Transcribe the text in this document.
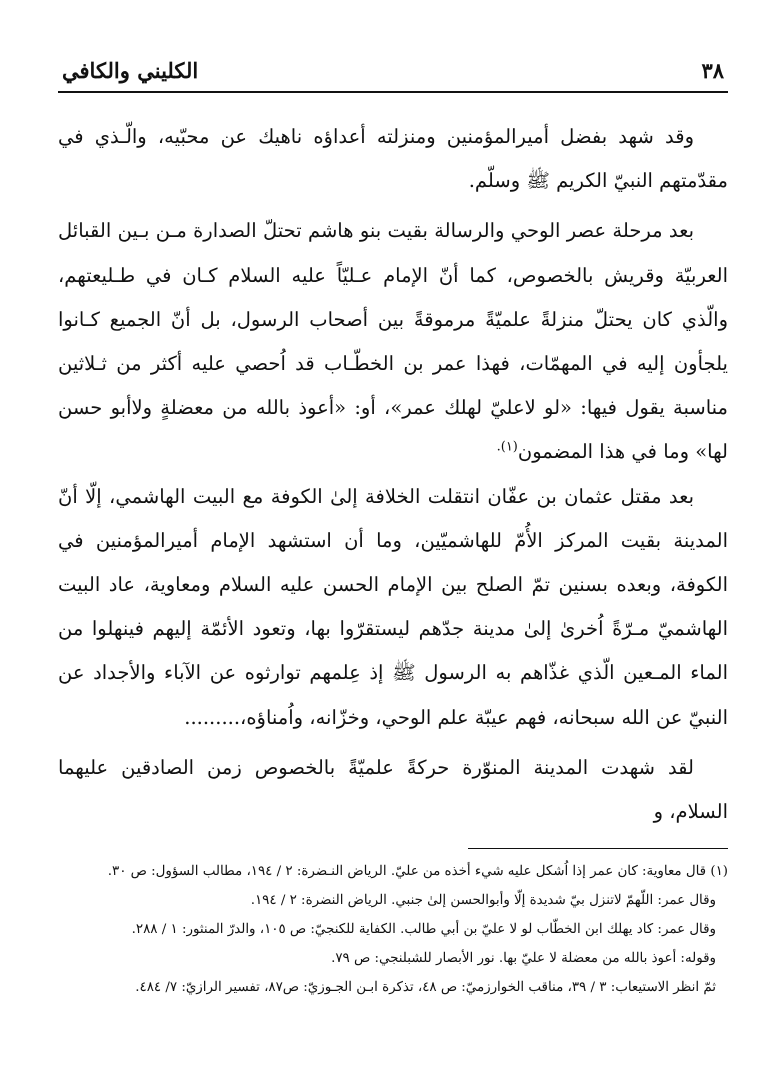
٣٨
الكليني والكافي

وقد شهد بفضل أميرالمؤمنين ومنزلته أعداؤه ناهيك عن محبّيه، والّـذي في مقدّمتهم النبيّ الكريم ﷺ وسلّم.

بعد مرحلة عصر الوحي والرسالة بقيت بنو هاشم تحتلّ الصدارة مـن بـين القبائل العربيّة وقريش بالخصوص، كما أنّ الإمام عـليّاً عليه السلام كـان في طـليعتهم، والّذي كان يحتلّ منزلةً علميّةً مرموقةً بين أصحاب الرسول، بل أنّ الجميع كـانوا يلجأون إليه في المهمّات، فهذا عمر بن الخطّـاب قد اُحصي عليه أكثر من ثـلاثين مناسبة يقول فيها: «لو لاعليّ لهلك عمر»، أو: «أعوذ بالله من معضلةٍ ولاأبو حسن لها» وما في هذا المضمون$^{(١).}$

بعد مقتل عثمان بن عفّان انتقلت الخلافة إلىٰ الكوفة مع البيت الهاشمي، إلّا أنّ المدينة بقيت المركز الأُمّ للهاشميّين، وما أن استشهد الإمام أميرالمؤمنين في الكوفة، وبعده بسنين تمّ الصلح بين الإمام الحسن عليه السلام ومعاوية، عاد البيت الهاشميّ مـرّةً اُخرىٰ إلىٰ مدينة جدّهم ليستقرّوا بها، وتعود الأئمّة إليهم فينهلوا من الماء المـعين الّذي غذّاهم به الرسول ﷺ إذ عِلمهم توارثوه عن الآباء والأجداد عن النبيّ عن الله سبحانه، فهم عيبّة علم الوحي، وخزّانه، واُمناؤه،.........

لقد شهدت المدينة المنوّرة حركةً علميّةً بالخصوص زمن الصادقين عليهما السلام، و

(١) قال معاوية: كان عمر إذا اُشكل عليه شيء أخذه من عليّ. الرياض النـضرة: ٢ / ١٩٤، مطالب السؤول: ص ٣٠.

وقال عمر: اللّهمّ لاتنزل بيّ شديدة إلّا وأبوالحسن إلىٰ جنبي. الرياض النضرة: ٢ / ١٩٤.

وقال عمر: كاد يهلك ابن الخطّاب لو لا عليّ بن أبي طالب. الكفاية للكنجيّ: ص ١٠٥، والدرّ المنثور: ١ / ٢٨٨.

وقوله: أعوذ بالله من معضلة لا عليّ بها. نور الأبصار للشبلنجي: ص ٧٩.

ثمّ انظر الاستيعاب: ٣ / ٣٩، مناقب الخوارزميّ: ص ٤٨، تذكرة ابـن الجـوزيّ: ص٨٧، تفسير الرازيّ: ٧/ ٤٨٤.
